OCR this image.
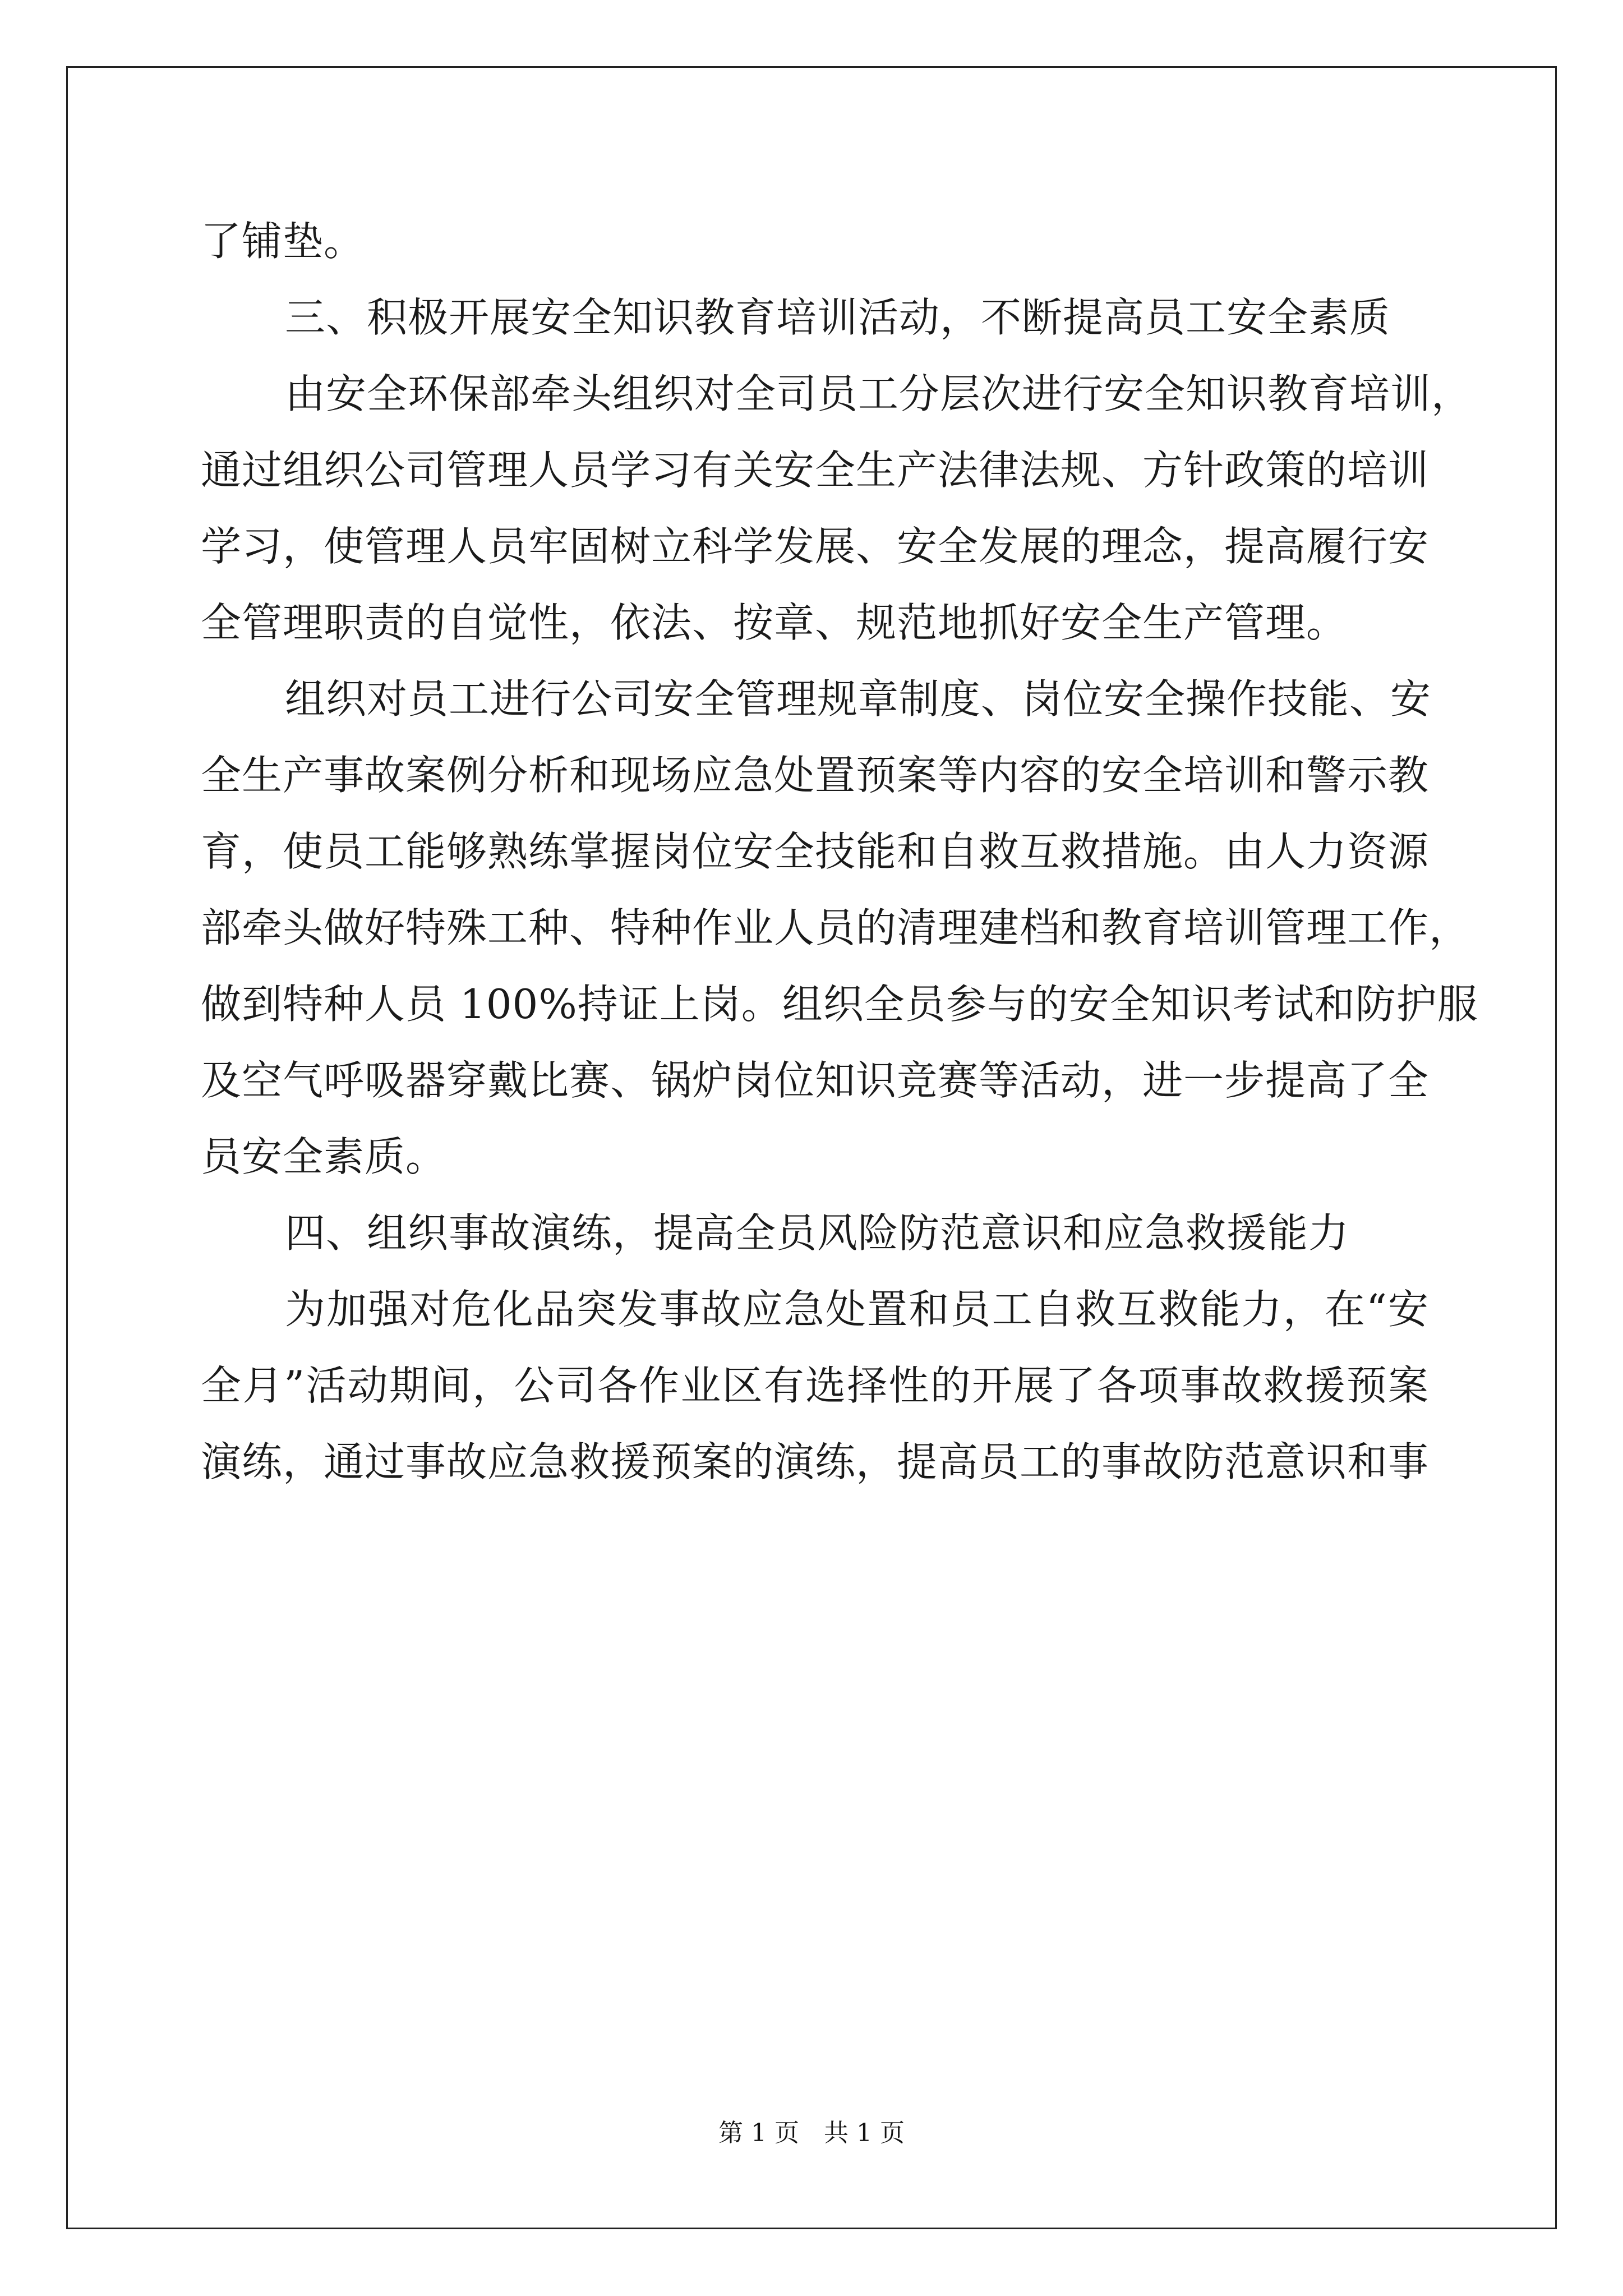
了铺垫。
三、积极开展安全知识教育培训活动，不断提高员工安全素质
由安全环保部牵头组织对全司员工分层次进行安全知识教育培训，
通过组织公司管理人员学习有关安全生产法律法规、方针政策的培训
学习，使管理人员牢固树立科学发展、安全发展的理念，提高履行安
全管理职责的自觉性，依法、按章、规范地抓好安全生产管理。
组织对员工进行公司安全管理规章制度、岗位安全操作技能、安
全生产事故案例分析和现场应急处置预案等内容的安全培训和警示教
育，使员工能够熟练掌握岗位安全技能和自救互救措施。由人力资源
部牵头做好特殊工种、特种作业人员的清理建档和教育培训管理工作，
做到特种人员 100%持证上岗。组织全员参与的安全知识考试和防护服
及空气呼吸器穿戴比赛、锅炉岗位知识竞赛等活动，进一步提高了全
员安全素质。
四、组织事故演练，提高全员风险防范意识和应急救援能力
为加强对危化品突发事故应急处置和员工自救互救能力，在“安
全月”活动期间，公司各作业区有选择性的开展了各项事故救援预案
演练，通过事故应急救援预案的演练，提高员工的事故防范意识和事
第 1 页　共 1 页
